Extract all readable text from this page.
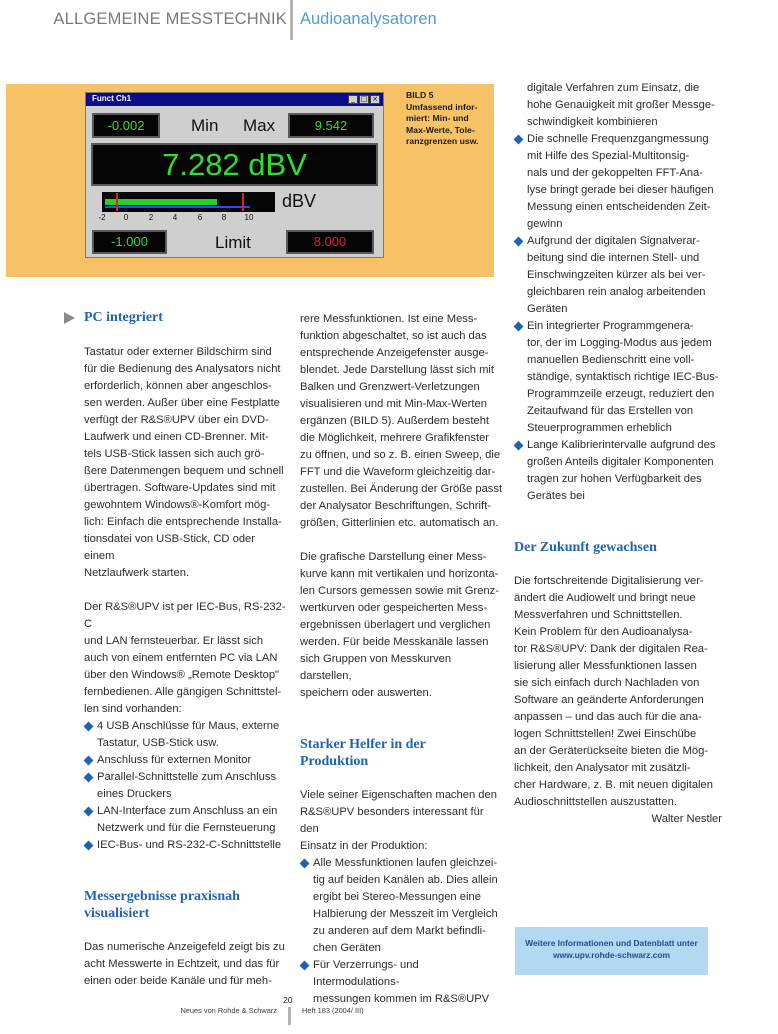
ALLGEMEINE MESSTECHNIK Audioanalysatoren
Funct Ch1	_ □ ×
-0.002	Min Max	9.542
7.282 dBV
dBV
-2 0	2 4	6 8 10
-1.000	Limit	8.000
BILD 5
Umfassend infor-
miert: Min- und
Max-Werte, Tole-
ranzgrenzen usw.
PC integriert
Tastatur oder externer Bildschirm sind
für die Bedienung des Analysators nicht
erforderlich, können aber angeschlos-
sen werden. Außer über eine Festplatte
verfügt der R&S®UPV über ein DVD-
Laufwerk und einen CD-Brenner. Mit-
tels USB-Stick lassen sich auch grö-
ßere Datenmengen bequem und schnell
übertragen. Software-Updates sind mit
gewohntem Windows®-Komfort mög-
lich: Einfach die entsprechende Installa-
tionsdatei von USB-Stick, CD oder einem
Netzlaufwerk starten.
Der R&S®UPV ist per IEC-Bus, RS-232-C
und LAN fernsteuerbar. Er lässt sich
auch von einem entfernten PC via LAN
über den Windows® „Remote Desktop"
fernbedienen. Alle gängigen Schnittstel-
len sind vorhanden:
4 USB Anschlüsse für Maus, externe
Tastatur, USB-Stick usw.
Anschluss für externen Monitor
Parallel-Schnittstelle zum Anschluss
eines Druckers
LAN-Interface zum Anschluss an ein
Netzwerk und für die Fernsteuerung
IEC-Bus- und RS-232-C-Schnittstelle
Messergebnisse praxisnah
visualisiert
Das numerische Anzeigefeld zeigt bis zu
acht Messwerte in Echtzeit, und das für
einen oder beide Kanäle und für meh-
rere Messfunktionen. Ist eine Mess-
funktion abgeschaltet, so ist auch das
entsprechende Anzeigefenster ausge-
blendet. Jede Darstellung lässt sich mit
Balken und Grenzwert-Verletzungen
visualisieren und mit Min-Max-Werten
ergänzen (BILD 5). Außerdem besteht
die Möglichkeit, mehrere Grafikfenster
zu öffnen, und so z. B. einen Sweep, die
FFT und die Waveform gleichzeitig dar-
zustellen. Bei Änderung der Größe passt
der Analysator Beschriftungen, Schrift-
größen, Gitterlinien etc. automatisch an.
Die grafische Darstellung einer Mess-
kurve kann mit vertikalen und horizonta-
len Cursors gemessen sowie mit Grenz-
wertkurven oder gespeicherten Mess-
ergebnissen überlagert und verglichen
werden. Für beide Messkanäle lassen
sich Gruppen von Messkurven darstellen,
speichern oder auswerten.
Starker Helfer in der
Produktion
Viele seiner Eigenschaften machen den
R&S®UPV besonders interessant für den
Einsatz in der Produktion:
Alle Messfunktionen laufen gleichzei-
tig auf beiden Kanälen ab. Dies allein
ergibt bei Stereo-Messungen eine
Halbierung der Messzeit im Vergleich
zu anderen auf dem Markt befindli-
chen Geräten
Für Verzerrungs- und Intermodulations-
messungen kommen im R&S®UPV
digitale Verfahren zum Einsatz, die
hohe Genauigkeit mit großer Messge-
schwindigkeit kombinieren
Die schnelle Frequenzgangmessung
mit Hilfe des Spezial-Multitonsig-
nals und der gekoppelten FFT-Ana-
lyse bringt gerade bei dieser häufigen
Messung einen entscheidenden Zeit-
gewinn
Aufgrund der digitalen Signalverar-
beitung sind die internen Stell- und
Einschwingzeiten kürzer als bei ver-
gleichbaren rein analog arbeitenden
Geräten
Ein integrierter Programmgenera-
tor, der im Logging-Modus aus jedem
manuellen Bedienschritt eine voll-
ständige, syntaktisch richtige IEC-Bus-
Programmzeile erzeugt, reduziert den
Zeitaufwand für das Erstellen von
Steuerprogrammen erheblich
Lange Kalibrierintervalle aufgrund des
großen Anteils digitaler Komponenten
tragen zur hohen Verfügbarkeit des
Gerätes bei
Der Zukunft gewachsen
Die fortschreitende Digitalisierung ver-
ändert die Audiowelt und bringt neue
Messverfahren und Schnittstellen.
Kein Problem für den Audioanalysa-
tor R&S®UPV: Dank der digitalen Rea-
lisierung aller Messfunktionen lassen
sie sich einfach durch Nachladen von
Software an geänderte Anforderungen
anpassen – und das auch für die ana-
logen Schnittstellen! Zwei Einschübe
an der Geräterückseite bieten die Mög-
lichkeit, den Analysator mit zusätzli-
cher Hardware, z. B. mit neuen digitalen
Audioschnittstellen auszustatten.
Walter Nestler
Weitere Informationen und Datenblatt unter
www.upv.rohde-schwarz.com
Neues von Rohde & Schwarz
20
Heft 183 (2004/ III)
